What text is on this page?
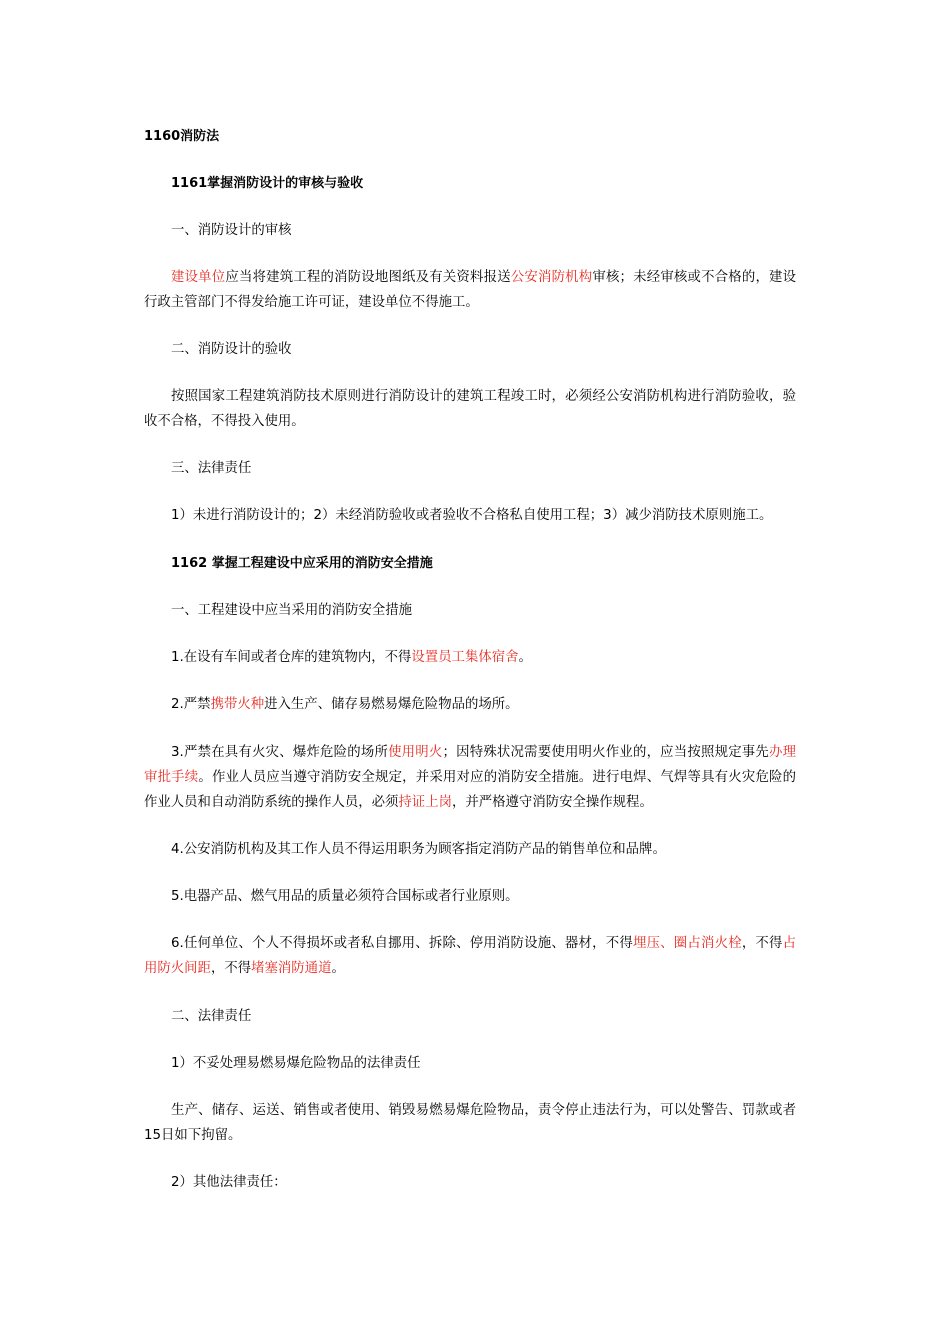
1160消防法
1161掌握消防设计的审核与验收
一、消防设计的审核
建设单位应当将建筑工程的消防设地图纸及有关资料报送公安消防机构审核；未经审核或不合格的，建设
行政主管部门不得发给施工许可证，建设单位不得施工。
二、消防设计的验收
按照国家工程建筑消防技术原则进行消防设计的建筑工程竣工时，必须经公安消防机构进行消防验收，验
收不合格，不得投入使用。
三、法律责任
1）未进行消防设计的；2）未经消防验收或者验收不合格私自使用工程；3）减少消防技术原则施工。
1162 掌握工程建设中应采用的消防安全措施
一、工程建设中应当采用的消防安全措施
1.在设有车间或者仓库的建筑物内，不得设置员工集体宿舍。
2.严禁携带火种进入生产、储存易燃易爆危险物品的场所。
3.严禁在具有火灾、爆炸危险的场所使用明火；因特殊状况需要使用明火作业的，应当按照规定事先办理
审批手续。作业人员应当遵守消防安全规定，并采用对应的消防安全措施。进行电焊、气焊等具有火灾危险的
作业人员和自动消防系统的操作人员，必须持证上岗，并严格遵守消防安全操作规程。
4.公安消防机构及其工作人员不得运用职务为顾客指定消防产品的销售单位和品牌。
5.电器产品、燃气用品的质量必须符合国标或者行业原则。
6.任何单位、个人不得损坏或者私自挪用、拆除、停用消防设施、器材，不得埋压、圈占消火栓，不得占
用防火间距，不得堵塞消防通道。
二、法律责任
1）不妥处理易燃易爆危险物品的法律责任
生产、储存、运送、销售或者使用、销毁易燃易爆危险物品，责令停止违法行为，可以处警告、罚款或者
15日如下拘留。
2）其他法律责任：
